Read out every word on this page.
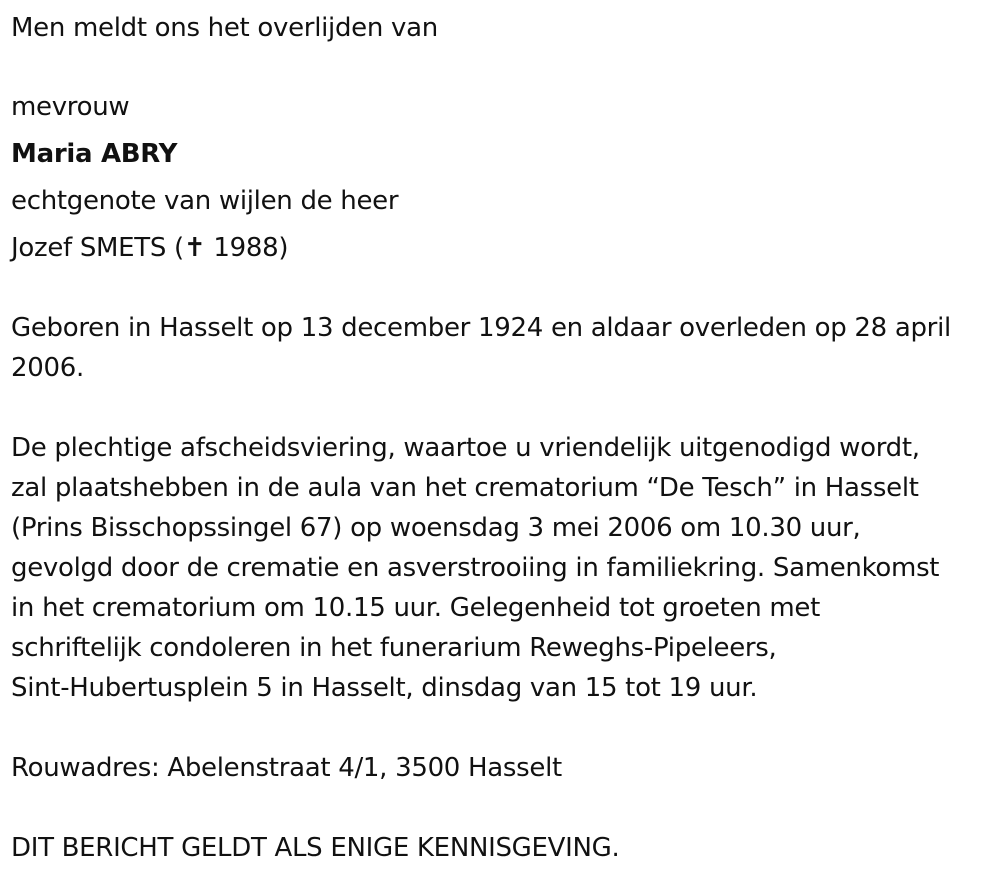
Men meldt ons het overlijden van
mevrouw
Maria ABRY
echtgenote van wijlen de heer
Jozef SMETS (✝ 1988)
Geboren in Hasselt op 13 december 1924 en aldaar overleden op 28 april 2006.
De plechtige afscheidsviering, waartoe u vriendelijk uitgenodigd wordt,
zal plaatshebben in de aula van het crematorium “De Tesch” in Hasselt
(Prins Bisschopssingel 67) op woensdag 3 mei 2006 om 10.30 uur,
gevolgd door de crematie en asverstrooiing in familiekring. Samenkomst
in het crematorium om 10.15 uur. Gelegenheid tot groeten met
schriftelijk condoleren in het funerarium Reweghs-Pipeleers,
Sint-Hubertusplein 5 in Hasselt, dinsdag van 15 tot 19 uur.
Rouwadres: Abelenstraat 4/1, 3500 Hasselt
DIT BERICHT GELDT ALS ENIGE KENNISGEVING.
